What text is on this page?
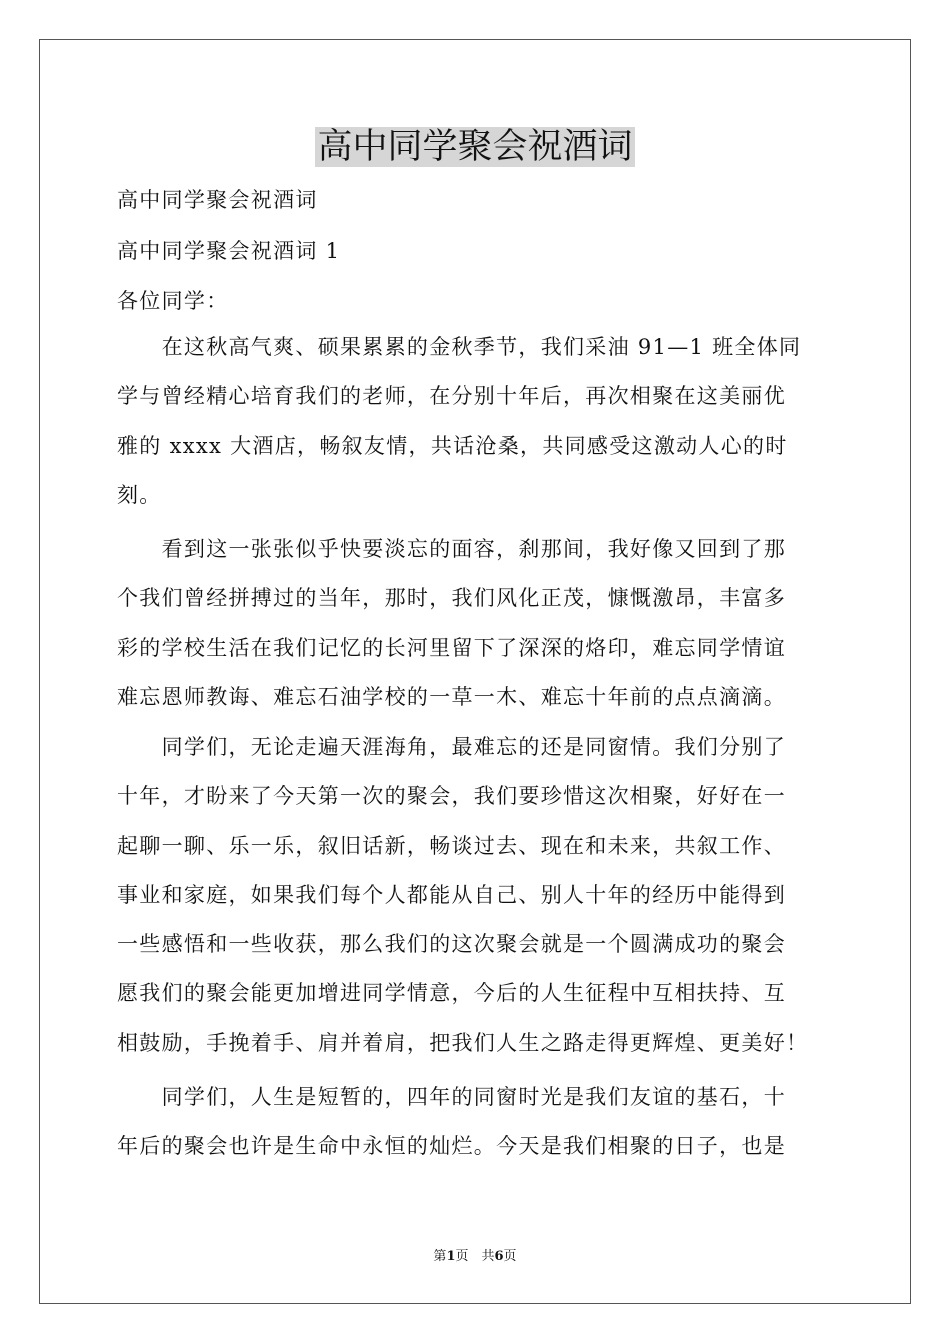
高中同学聚会祝酒词
高中同学聚会祝酒词
高中同学聚会祝酒词 1
各位同学：
　　在这秋高气爽、硕果累累的金秋季节，我们采油 91—1 班全体同
学与曾经精心培育我们的老师，在分别十年后，再次相聚在这美丽优
雅的 xxxx 大酒店，畅叙友情，共话沧桑，共同感受这激动人心的时
刻。
　　看到这一张张似乎快要淡忘的面容，刹那间，我好像又回到了那
个我们曾经拼搏过的当年，那时，我们风化正茂，慷慨激昂，丰富多
彩的学校生活在我们记忆的长河里留下了深深的烙印，难忘同学情谊
难忘恩师教诲、难忘石油学校的一草一木、难忘十年前的点点滴滴。
　　同学们，无论走遍天涯海角，最难忘的还是同窗情。我们分别了
十年，才盼来了今天第一次的聚会，我们要珍惜这次相聚，好好在一
起聊一聊、乐一乐，叙旧话新，畅谈过去、现在和未来，共叙工作、
事业和家庭，如果我们每个人都能从自己、别人十年的经历中能得到
一些感悟和一些收获，那么我们的这次聚会就是一个圆满成功的聚会
愿我们的聚会能更加增进同学情意，今后的人生征程中互相扶持、互
相鼓励，手挽着手、肩并着肩，把我们人生之路走得更辉煌、更美好！
　　同学们，人生是短暂的，四年的同窗时光是我们友谊的基石，十
年后的聚会也许是生命中永恒的灿烂。今天是我们相聚的日子，也是
第1页　共6页
